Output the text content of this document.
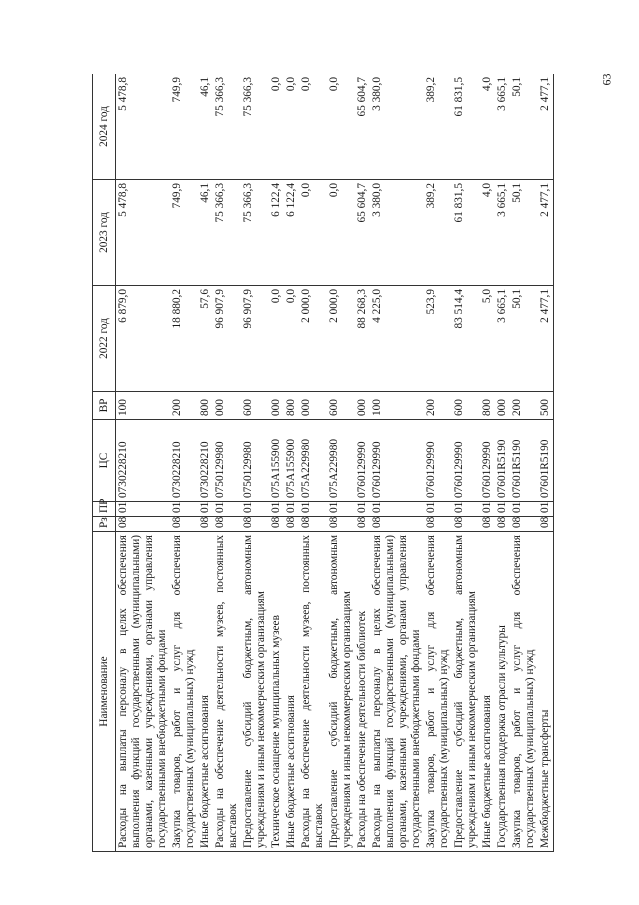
63
Наименование	Рз	ПР	ЦС	ВР	2022 год	2023 год	2024 год
Расходы на выплаты персоналу в целях обеспечения выполнения функций государственными (муниципальными) органами, казенными учреждениями, органами управления государственными внебюджетными фондами	08	01	0730228210	100	6 879,0	5 478,8	5 478,8
Закупка товаров, работ и услуг для обеспечения государственных (муниципальных) нужд	08	01	0730228210	200	18 880,2	749,9	749,9
Иные бюджетные ассигнования	08	01	0730228210	800	57,6	46,1	46,1
Расходы на обеспечение деятельности музеев, постоянных выставок	08	01	0750129980	000	96 907,9	75 366,3	75 366,3
Предоставление субсидий бюджетным, автономным учреждениям и иным некоммерческим организациям	08	01	0750129980	600	96 907,9	75 366,3	75 366,3
Техническое оснащение муниципальных музеев	08	01	075А155900	000	0,0	6 122,4	0,0
Иные бюджетные ассигнования	08	01	075А155900	800	0,0	6 122,4	0,0
Расходы на обеспечение деятельности музеев, постоянных выставок	08	01	075А229980	000	2 000,0	0,0	0,0
Предоставление субсидий бюджетным, автономным учреждениям и иным некоммерческим организациям	08	01	075А229980	600	2 000,0	0,0	0,0
Расходы на обеспечение деятельности библиотек	08	01	0760129990	000	88 268,3	65 604,7	65 604,7
Расходы на выплаты персоналу в целях обеспечения выполнения функций государственными (муниципальными) органами, казенными учреждениями, органами управления государственными внебюджетными фондами	08	01	0760129990	100	4 225,0	3 380,0	3 380,0
Закупка товаров, работ и услуг для обеспечения государственных (муниципальных) нужд	08	01	0760129990	200	523,9	389,2	389,2
Предоставление субсидий бюджетным, автономным учреждениям и иным некоммерческим организациям	08	01	0760129990	600	83 514,4	61 831,5	61 831,5
Иные бюджетные ассигнования	08	01	0760129990	800	5,0	4,0	4,0
Государственная поддержка отрасли культуры	08	01	07601R5190	000	3 665,1	3 665,1	3 665,1
Закупка товаров, работ и услуг для обеспечения государственных (муниципальных) нужд	08	01	07601R5190	200	50,1	50,1	50,1
Межбюджетные трансферты	08	01	07601R5190	500	2 477,1	2 477,1	2 477,1
